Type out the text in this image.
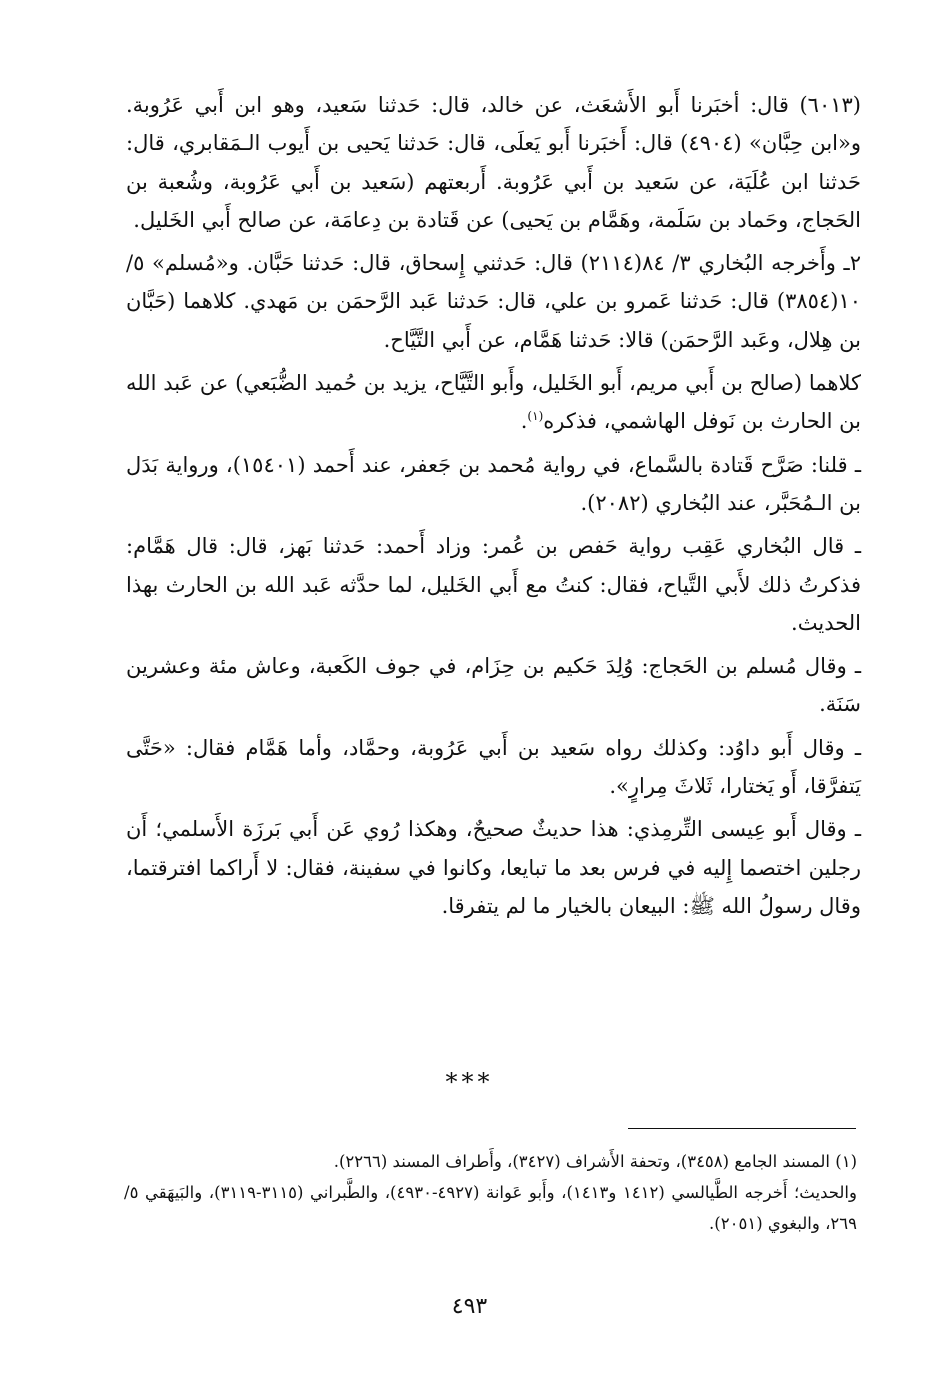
(٦٠١٣) قال: أخبَرنا أَبو الأَشعَث، عن خالد، قال: حَدثنا سَعيد، وهو ابن أَبي عَرُوبة. و«ابن حِبَّان» (٤٩٠٤) قال: أَخبَرنا أَبو يَعلَى، قال: حَدثنا يَحيى بن أَيوب الـمَقابري، قال: حَدثنا ابن عُلَيَة، عن سَعيد بن أَبي عَرُوبة. أَربعتهم (سَعيد بن أَبي عَرُوبة، وشُعبة بن الحَجاج، وحَماد بن سَلَمة، وهَمَّام بن يَحيى) عن قَتادة بن دِعامَة، عن صالح أَبي الخَليل.

٢ـ وأَخرجه البُخاري ٣/ ٨٤(٢١١٤) قال: حَدثني إِسحاق، قال: حَدثنا حَبَّان. و«مُسلم» ٥/ ١٠(٣٨٥٤) قال: حَدثنا عَمرو بن علي، قال: حَدثنا عَبد الرَّحمَن بن مَهدي. كلاهما (حَبَّان بن هِلال، وعَبد الرَّحمَن) قالا: حَدثنا هَمَّام، عن أَبي التَّيَّاح.

كلاهما (صالح بن أَبي مريم، أَبو الخَليل، وأَبو التَّيَّاح، يزيد بن حُميد الضُّبَعي) عن عَبد الله بن الحارث بن نَوفل الهاشمي، فذكره$^{(١)}$.

ـ قلنا: صَرَّح قَتادة بالسَّماع، في رواية مُحمد بن جَعفر، عند أَحمد (١٥٤٠١)، ورواية بَدَل بن الـمُحَبَّر، عند البُخاري (٢٠٨٢).

ـ قال البُخاري عَقِب رواية حَفص بن عُمر: وزاد أَحمد: حَدثنا بَهز، قال: قال هَمَّام: فذكرتُ ذلك لأَبي التَّياح، فقال: كنتُ مع أَبي الخَليل، لما حدَّثه عَبد الله بن الحارث بهذا الحديث.

ـ وقال مُسلم بن الحَجاج: وُلِدَ حَكيم بن حِزَام، في جوف الكَعبة، وعاش مئة وعشرين سَنَة.

ـ وقال أَبو داوُد: وكذلك رواه سَعيد بن أَبي عَرُوبة، وحمَّاد، وأما هَمَّام فقال: «حَتَّى يَتفرَّقا، أَو يَختارا، ثَلاثَ مِرارٍ».

ـ وقال أَبو عِيسى التِّرمِذي: هذا حديثٌ صحيحٌ، وهكذا رُوي عَن أَبي بَرزَة الأَسلمي؛ أَن رجلين اختصما إِليه في فرس بعد ما تبايعا، وكانوا في سفينة، فقال: لا أَراكما افترقتما، وقال رسولُ الله ﷺ: البيعان بالخيار ما لم يتفرقا.

***

(١) المسند الجامع (٣٤٥٨)، وتحفة الأَشراف (٣٤٢٧)، وأَطراف المسند (٢٢٦٦).

والحديث؛ أَخرجه الطَّيالسي (١٤١٢ و١٤١٣)، وأَبو عَوانة (٤٩٢٧-٤٩٣٠)، والطَّبراني (٣١١٥-٣١١٩)، والبَيهَقي ٥/ ٢٦٩، والبغوي (٢٠٥١).

٤٩٣
